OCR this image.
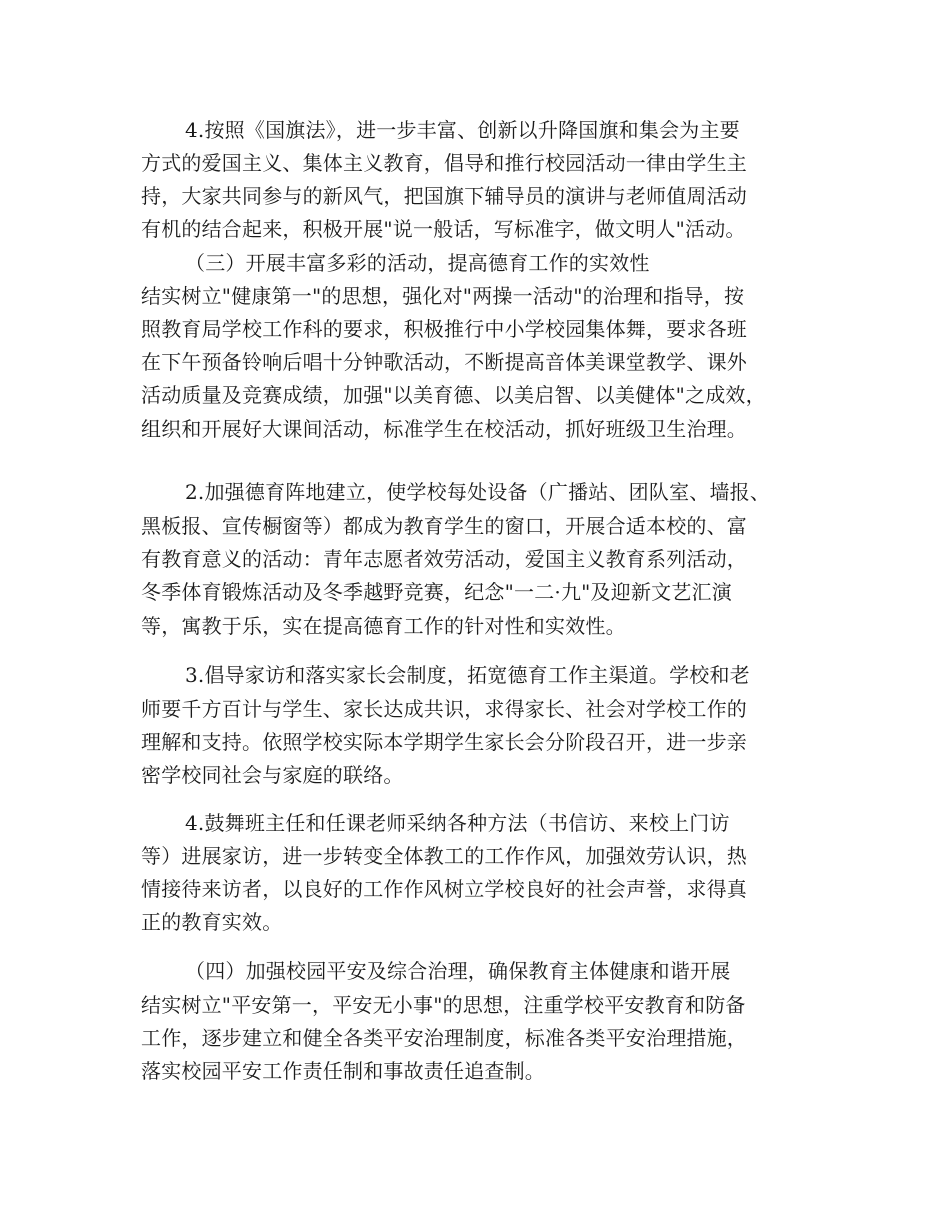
4.按照《国旗法》，进一步丰富、创新以升降国旗和集会为主要
方式的爱国主义、集体主义教育，倡导和推行校园活动一律由学生主
持，大家共同参与的新风气，把国旗下辅导员的演讲与老师值周活动
有机的结合起来，积极开展"说一般话，写标准字，做文明人"活动。
（三）开展丰富多彩的活动，提高德育工作的实效性
结实树立"健康第一"的思想，强化对"两操一活动"的治理和指导，按
照教育局学校工作科的要求，积极推行中小学校园集体舞，要求各班
在下午预备铃响后唱十分钟歌活动，不断提高音体美课堂教学、课外
活动质量及竞赛成绩，加强"以美育德、以美启智、以美健体"之成效，
组织和开展好大课间活动，标准学生在校活动，抓好班级卫生治理。
2.加强德育阵地建立，使学校每处设备（广播站、团队室、墙报、
黑板报、宣传橱窗等）都成为教育学生的窗口，开展合适本校的、富
有教育意义的活动：青年志愿者效劳活动，爱国主义教育系列活动，
冬季体育锻炼活动及冬季越野竞赛，纪念"一二·九"及迎新文艺汇演
等，寓教于乐，实在提高德育工作的针对性和实效性。
3.倡导家访和落实家长会制度，拓宽德育工作主渠道。学校和老
师要千方百计与学生、家长达成共识，求得家长、社会对学校工作的
理解和支持。依照学校实际本学期学生家长会分阶段召开，进一步亲
密学校同社会与家庭的联络。
4.鼓舞班主任和任课老师采纳各种方法（书信访、来校上门访
等）进展家访，进一步转变全体教工的工作作风，加强效劳认识，热
情接待来访者，以良好的工作作风树立学校良好的社会声誉，求得真
正的教育实效。
（四）加强校园平安及综合治理，确保教育主体健康和谐开展
结实树立"平安第一，平安无小事"的思想，注重学校平安教育和防备
工作，逐步建立和健全各类平安治理制度，标准各类平安治理措施，
落实校园平安工作责任制和事故责任追查制。
